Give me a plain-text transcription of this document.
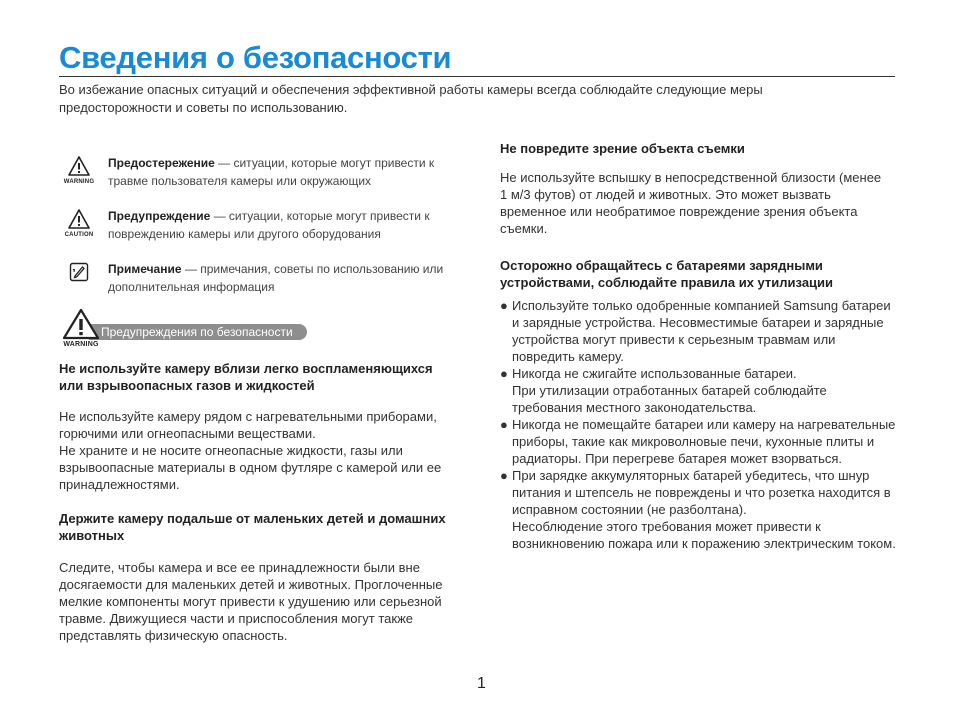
Сведения о безопасности

Во избежание опасных ситуаций и обеспечения эффективной работы камеры всегда соблюдайте следующие меры предосторожности и советы по использованию.

WARNING
Предостережение — ситуации, которые могут привести к травме пользователя камеры или окружающих
CAUTION
Предупреждение — ситуации, которые могут привести к повреждению камеры или другого оборудования
Примечание — примечания, советы по использованию или дополнительная информация
Предупреждения по безопасности
WARNING
Не используйте камеру вблизи легко воспламеняющихся или взрывоопасных газов и жидкостей

Не используйте камеру рядом с нагревательными приборами, горючими или огнеопасными веществами.

Не храните и не носите огнеопасные жидкости, газы или взрывоопасные материалы в одном футляре с камерой или ее принадлежностями.

Держите камеру подальше от маленьких детей и домашних животных

Следите, чтобы камера и все ее принадлежности были вне досягаемости для маленьких детей и животных. Проглоченные мелкие компоненты могут привести к удушению или серьезной травме. Движущиеся части и приспособления могут также представлять физическую опасность.

Не повредите зрение объекта съемки

Не используйте вспышку в непосредственной близости (менее 1 м/3 футов) от людей и животных. Это может вызвать временное или необратимое повреждение зрения объекта съемки.

Осторожно обращайтесь с батареями зарядными устройствами, соблюдайте правила их утилизации
● Используйте только одобренные компанией Samsung батареи и зарядные устройства. Несовместимые батареи и зарядные устройства могут привести к серьезным травмам или повредить камеру.
● Никогда не сжигайте использованные батареи.
При утилизации отработанных батарей соблюдайте требования местного законодательства.
● Никогда не помещайте батареи или камеру на нагревательные приборы, такие как микроволновые печи, кухонные плиты и радиаторы. При перегреве батарея может взорваться.
● При зарядке аккумуляторных батарей убедитесь, что шнур питания и штепсель не повреждены и что розетка находится в исправном состоянии (не разболтана).
Несоблюдение этого требования может привести к возникновению пожара или к поражению электрическим током.
1
